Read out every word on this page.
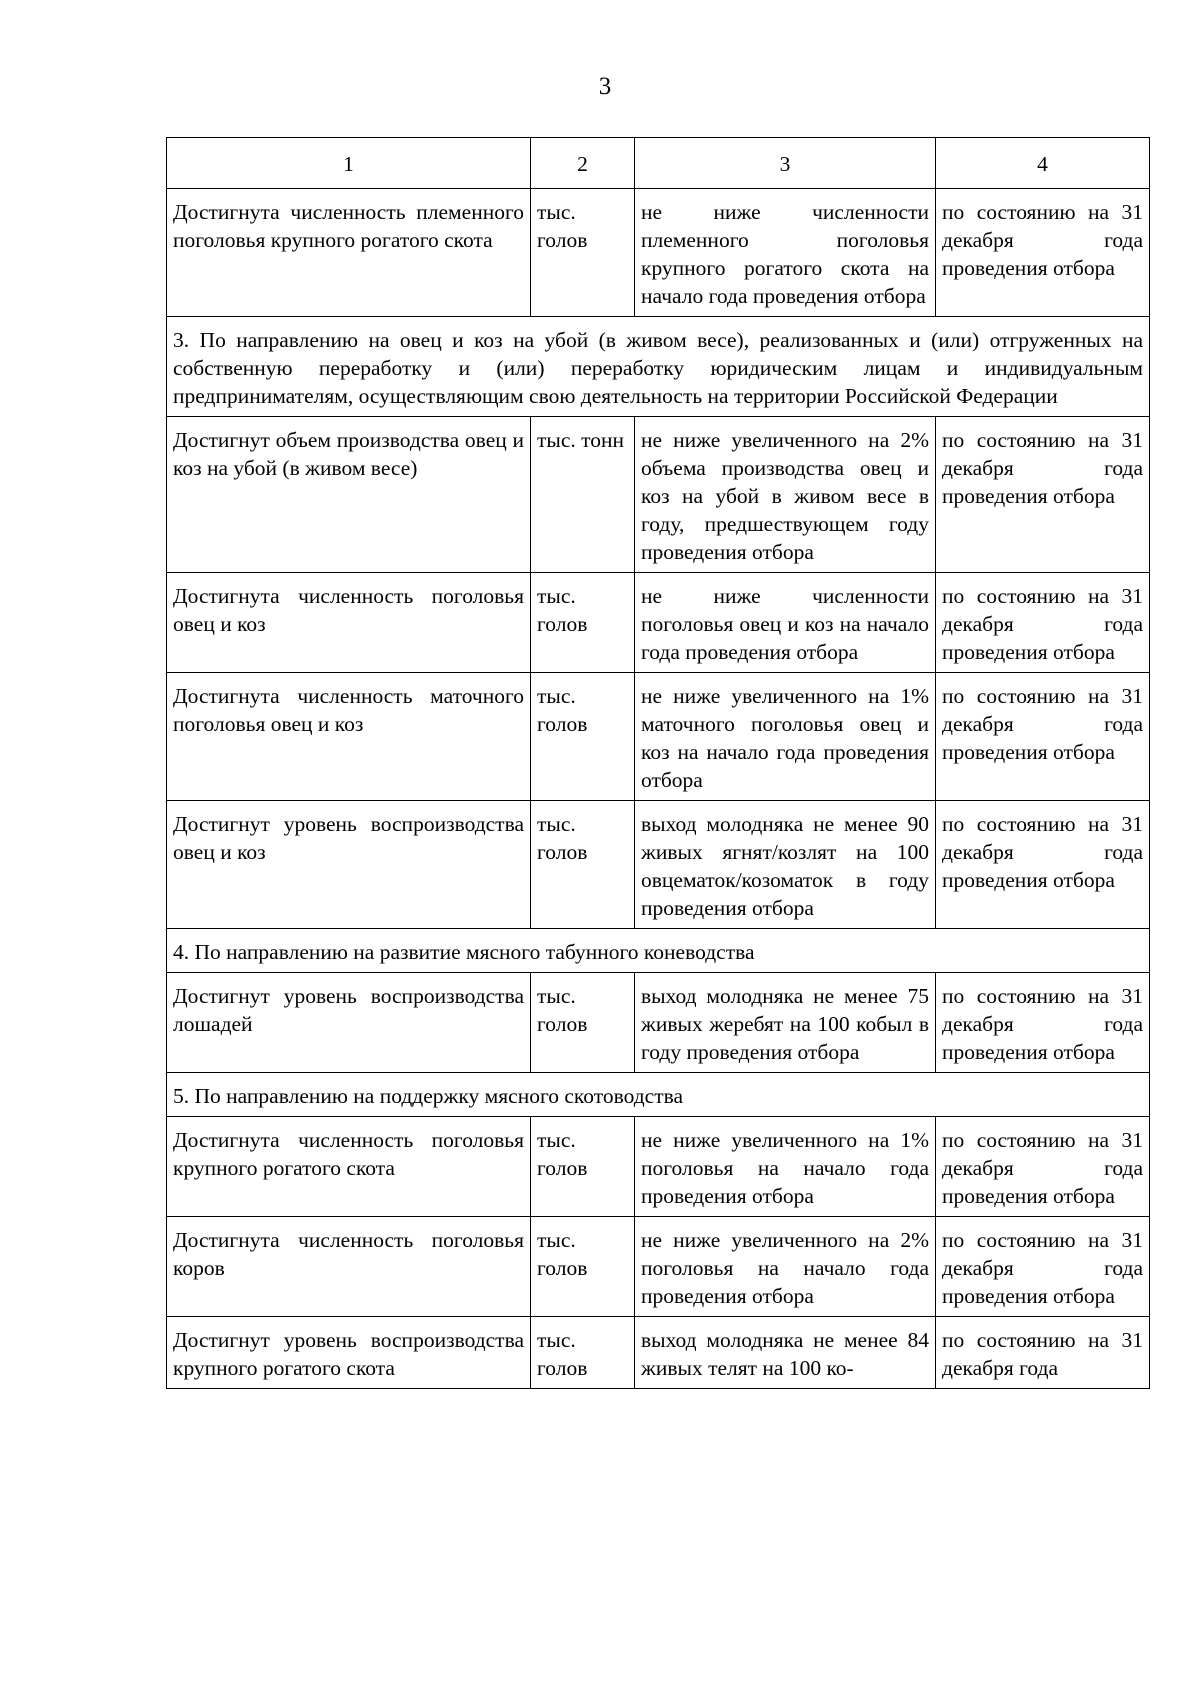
3
1	2	3	4
Достигнута численность племенного поголовья крупного рогатого скота	тыс. голов	не ниже численности племенного поголовья крупного рогатого скота на начало года проведения отбора	по состоянию на 31 декабря года проведения отбора
3. По направлению на овец и коз на убой (в живом весе), реализованных и (или) отгруженных на собственную переработку и (или) переработку юридическим лицам и индивидуальным предпринимателям, осуществляющим свою деятельность на территории Российской Федерации			
Достигнут объем производства овец и коз на убой (в живом весе)	тыс. тонн	не ниже увеличенного на 2% объема производства овец и коз на убой в живом весе в году, предшествующем году проведения отбора	по состоянию на 31 декабря года проведения отбора
Достигнута численность поголовья овец и коз	тыс. голов	не ниже численности поголовья овец и коз на начало года проведения отбора	по состоянию на 31 декабря года проведения отбора
Достигнута численность маточного поголовья овец и коз	тыс. голов	не ниже увеличенного на 1% маточного поголовья овец и коз на начало года проведения отбора	по состоянию на 31 декабря года проведения отбора
Достигнут уровень воспроизводства овец и коз	тыс. голов	выход молодняка не менее 90 живых ягнят/козлят на 100 овцематок/козоматок в году проведения отбора	по состоянию на 31 декабря года проведения отбора
4. По направлению на развитие мясного табунного коневодства			
Достигнут уровень воспроизводства лошадей	тыс. голов	выход молодняка не менее 75 живых жеребят на 100 кобыл в году проведения отбора	по состоянию на 31 декабря года проведения отбора
5. По направлению на поддержку мясного скотоводства			
Достигнута численность поголовья крупного рогатого скота	тыс. голов	не ниже увеличенного на 1% поголовья на начало года проведения отбора	по состоянию на 31 декабря года проведения отбора
Достигнута численность поголовья коров	тыс. голов	не ниже увеличенного на 2% поголовья на начало года проведения отбора	по состоянию на 31 декабря года проведения отбора
Достигнут уровень воспроизводства крупного рогатого скота	тыс. голов	выход молодняка не менее 84 живых телят на 100 ко-	по состоянию на 31 декабря года
